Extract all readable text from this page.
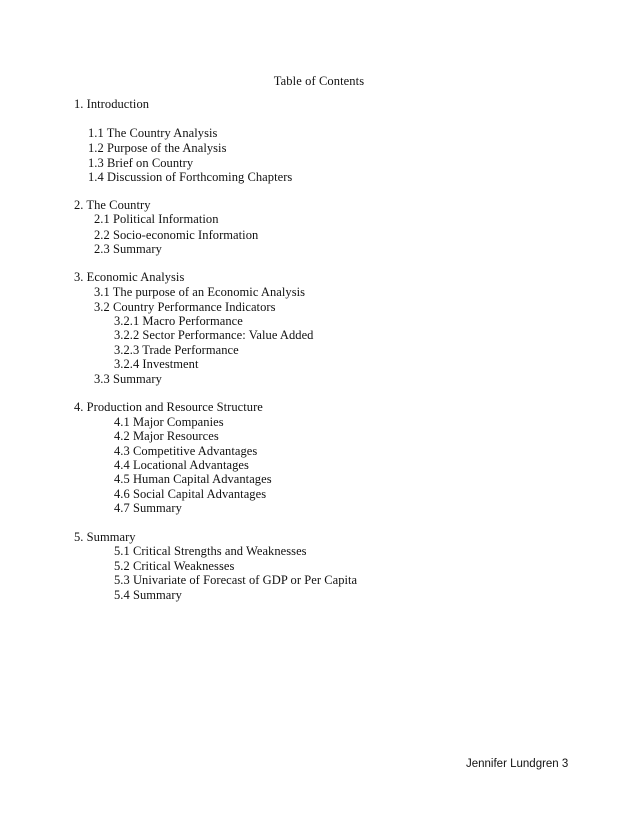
Table of Contents
1. Introduction
1.1 The Country Analysis
1.2 Purpose of the Analysis
1.3 Brief on Country
1.4 Discussion of Forthcoming Chapters
2. The Country
2.1 Political Information
2.2 Socio-economic Information
2.3 Summary
3. Economic Analysis
3.1 The purpose of an Economic Analysis
3.2 Country Performance Indicators
3.2.1 Macro Performance
3.2.2 Sector Performance: Value Added
3.2.3 Trade Performance
3.2.4 Investment
3.3 Summary
4. Production and Resource Structure
4.1 Major Companies
4.2 Major Resources
4.3 Competitive Advantages
4.4 Locational Advantages
4.5 Human Capital Advantages
4.6 Social Capital Advantages
4.7 Summary
5. Summary
5.1 Critical Strengths and Weaknesses
5.2 Critical Weaknesses
5.3 Univariate of Forecast of GDP or Per Capita
5.4 Summary
Jennifer Lundgren 3
